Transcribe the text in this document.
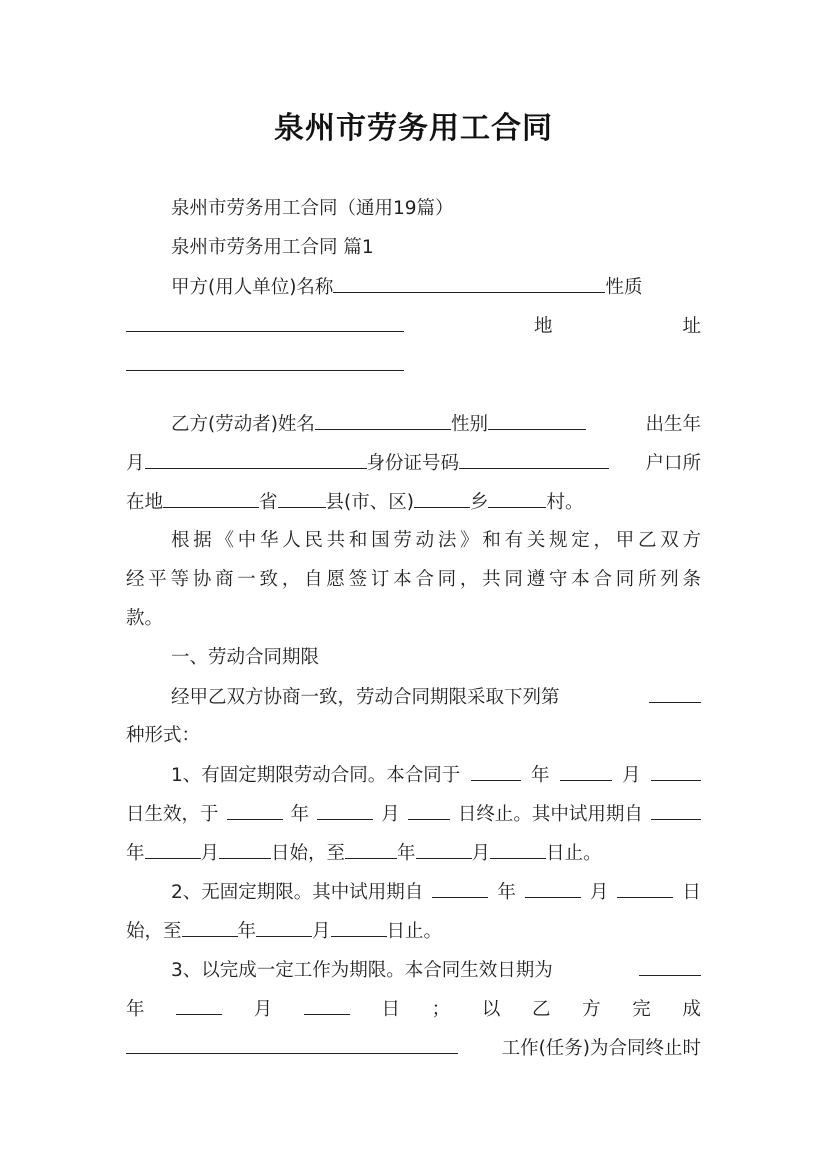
泉州市劳务用工合同
泉州市劳务用工合同（通用19篇）
泉州市劳务用工合同 篇1
甲方(用人单位)名称	性质
地	址
乙方(劳动者)姓名	性别	出生年
月	身份证号码	户口所
在地	省	县(市、区)	乡	村。
根据《中华人民共和国劳动法》和有关规定，甲乙双方
经平等协商一致，自愿签订本合同，共同遵守本合同所列条
款。
一、劳动合同期限
经甲乙双方协商一致，劳动合同期限采取下列第
种形式：
1、有固定期限劳动合同。本合同于	年	月
日生效，于	年	月	日终止。其中试用期自
年	月	日始，至	年	月	日止。
2、无固定期限。其中试用期自	年	月	日
始，至	年	月	日止。
3、以完成一定工作为期限。本合同生效日期为
年	月	日 ； 以 乙 方 完 成
工作(任务)为合同终止时
